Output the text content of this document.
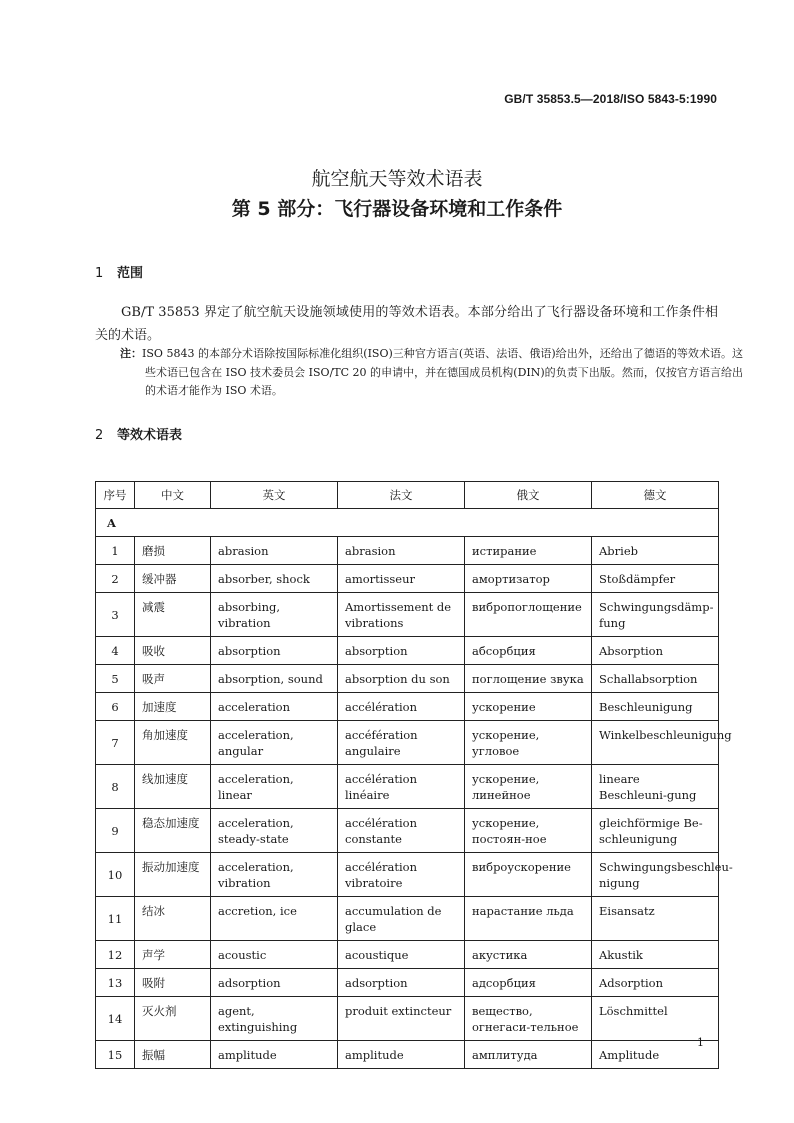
GB/T 35853.5—2018/ISO 5843-5:1990
航空航天等效术语表
第 5 部分：飞行器设备环境和工作条件
1 范围
GB/T 35853 界定了航空航天设施领域使用的等效术语表。本部分给出了飞行器设备环境和工作条件相关的术语。
注：ISO 5843 的本部分术语除按国际标准化组织(ISO)三种官方语言(英语、法语、俄语)给出外，还给出了德语的等效术语。这些术语已包含在 ISO 技术委员会 ISO/TC 20 的申请中，并在德国成员机构(DIN)的负责下出版。然而，仅按官方语言给出的术语才能作为 ISO 术语。
2 等效术语表
序号	中文	英文	法文	俄文	德文
A					
1	磨损	abrasion	abrasion	истирание	Abrieb
2	缓冲器	absorber, shock	amortisseur	амортизатор	Stoßdämpfer
3	减震	absorbing, vibration	Amortissement de vibrations	вибропоглощение	Schwingungsdämp-fung
4	吸收	absorption	absorption	абсорбция	Absorption
5	吸声	absorption, sound	absorption du son	поглощение звука	Schallabsorption
6	加速度	acceleration	accélération	ускорение	Beschleunigung
7	角加速度	acceleration, angular	accéfération angulaire	ускорение, угловое	Winkelbeschleunigung
8	线加速度	acceleration, linear	accélération linéaire	ускорение, линейное	lineare Beschleuni-gung
9	稳态加速度	acceleration, steady-state	accélération constante	ускорение, постоян-ное	gleichförmige Be-schleunigung
10	振动加速度	acceleration, vibration	accélération vibratoire	виброускорение	Schwingungsbeschleu-nigung
11	结冰	accretion, ice	accumulation de glace	нарастание льда	Eisansatz
12	声学	acoustic	acoustique	акустика	Akustik
13	吸附	adsorption	adsorption	адсорбция	Adsorption
14	灭火剂	agent, extinguishing	produit extincteur	вещество, огнегаси-тельное	Löschmittel
15	振幅	amplitude	amplitude	амплитуда	Amplitude
1
